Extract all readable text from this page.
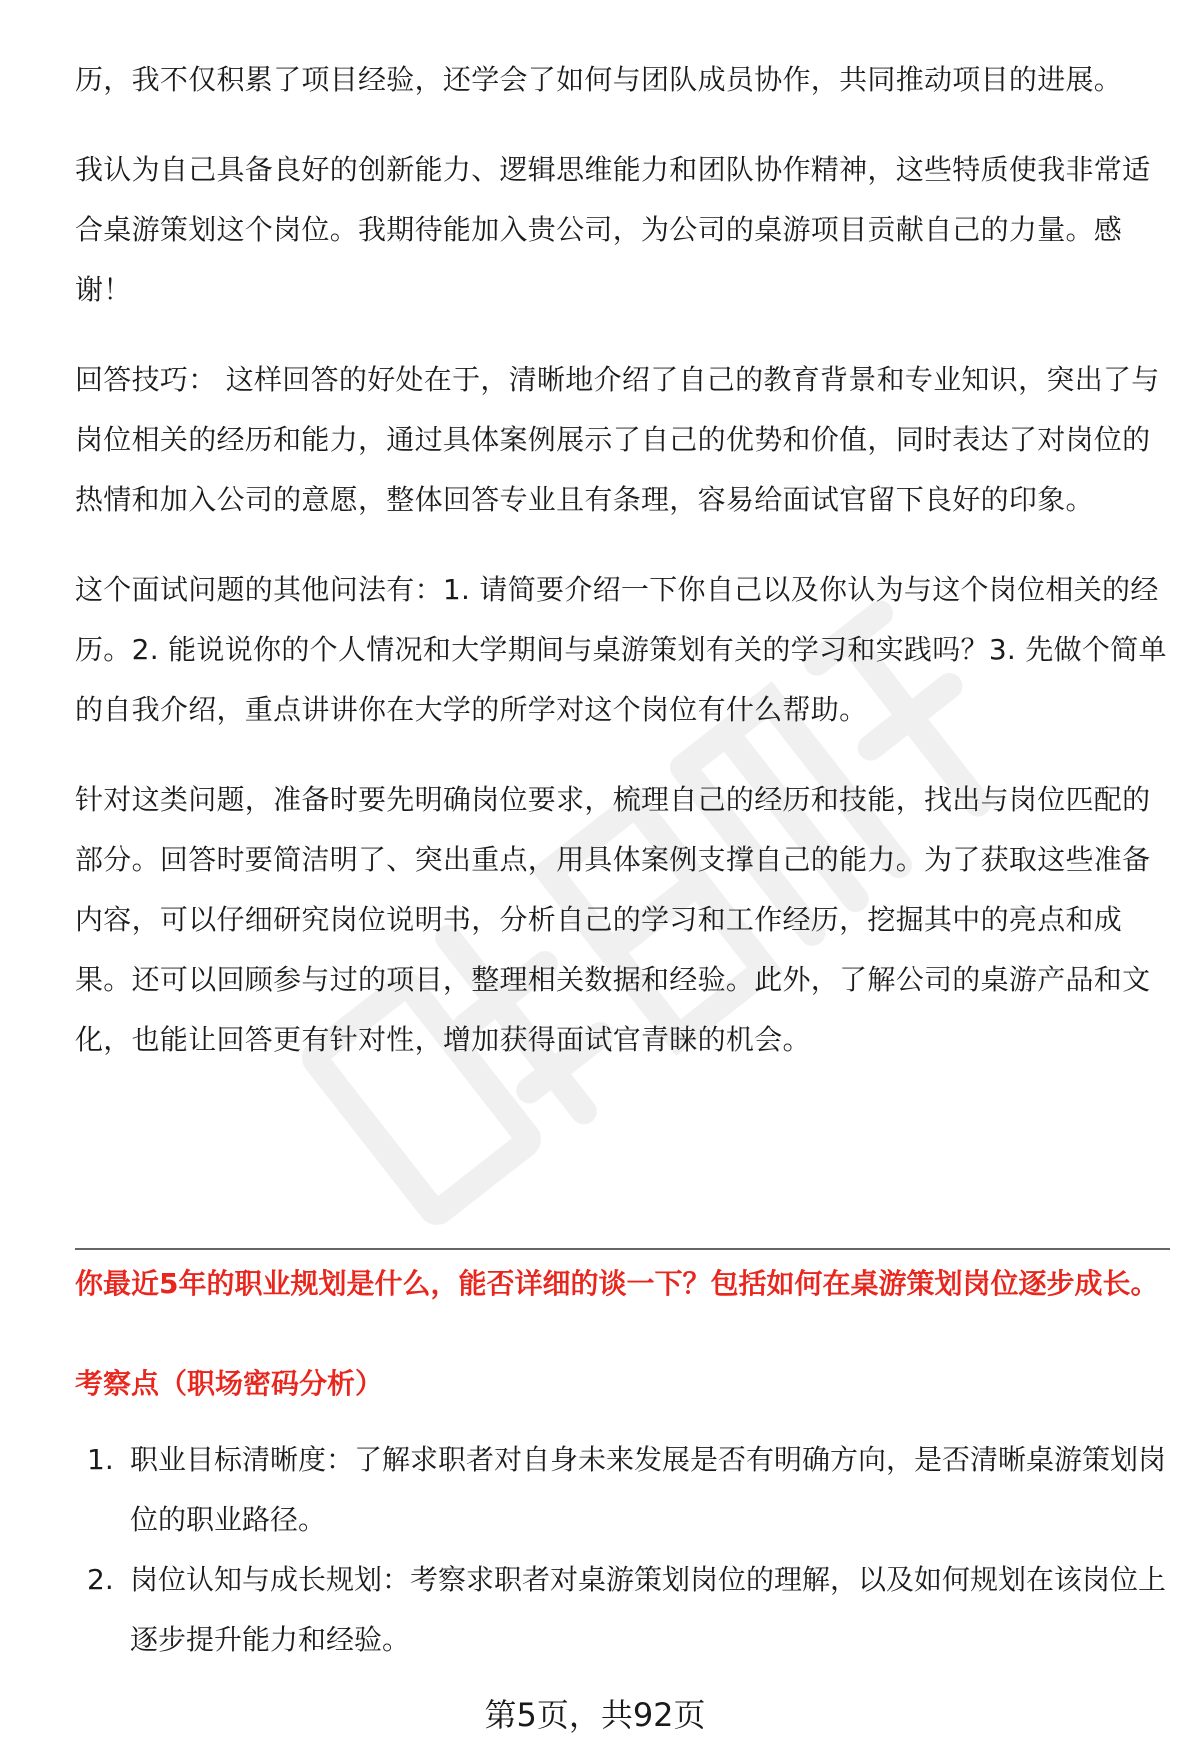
历，我不仅积累了项目经验，还学会了如何与团队成员协作，共同推动项目的进展。

我认为自己具备良好的创新能力、逻辑思维能力和团队协作精神，这些特质使我非常适合桌游策划这个岗位。我期待能加入贵公司，为公司的桌游项目贡献自己的力量。感谢！

回答技巧： 这样回答的好处在于，清晰地介绍了自己的教育背景和专业知识，突出了与岗位相关的经历和能力，通过具体案例展示了自己的优势和价值，同时表达了对岗位的热情和加入公司的意愿，整体回答专业且有条理，容易给面试官留下良好的印象。

这个面试问题的其他问法有：1. 请简要介绍一下你自己以及你认为与这个岗位相关的经历。2. 能说说你的个人情况和大学期间与桌游策划有关的学习和实践吗？3. 先做个简单的自我介绍，重点讲讲你在大学的所学对这个岗位有什么帮助。

针对这类问题，准备时要先明确岗位要求，梳理自己的经历和技能，找出与岗位匹配的部分。回答时要简洁明了、突出重点，用具体案例支撑自己的能力。为了获取这些准备内容，可以仔细研究岗位说明书，分析自己的学习和工作经历，挖掘其中的亮点和成果。还可以回顾参与过的项目，整理相关数据和经验。此外，了解公司的桌游产品和文化，也能让回答更有针对性，增加获得面试官青睐的机会。

你最近5年的职业规划是什么，能否详细的谈一下？包括如何在桌游策划岗位逐步成长。

考察点（职场密码分析）

1. 职业目标清晰度：了解求职者对自身未来发展是否有明确方向，是否清晰桌游策划岗位的职业路径。
2. 岗位认知与成长规划：考察求职者对桌游策划岗位的理解，以及如何规划在该岗位上逐步提升能力和经验。
第5页，共92页
